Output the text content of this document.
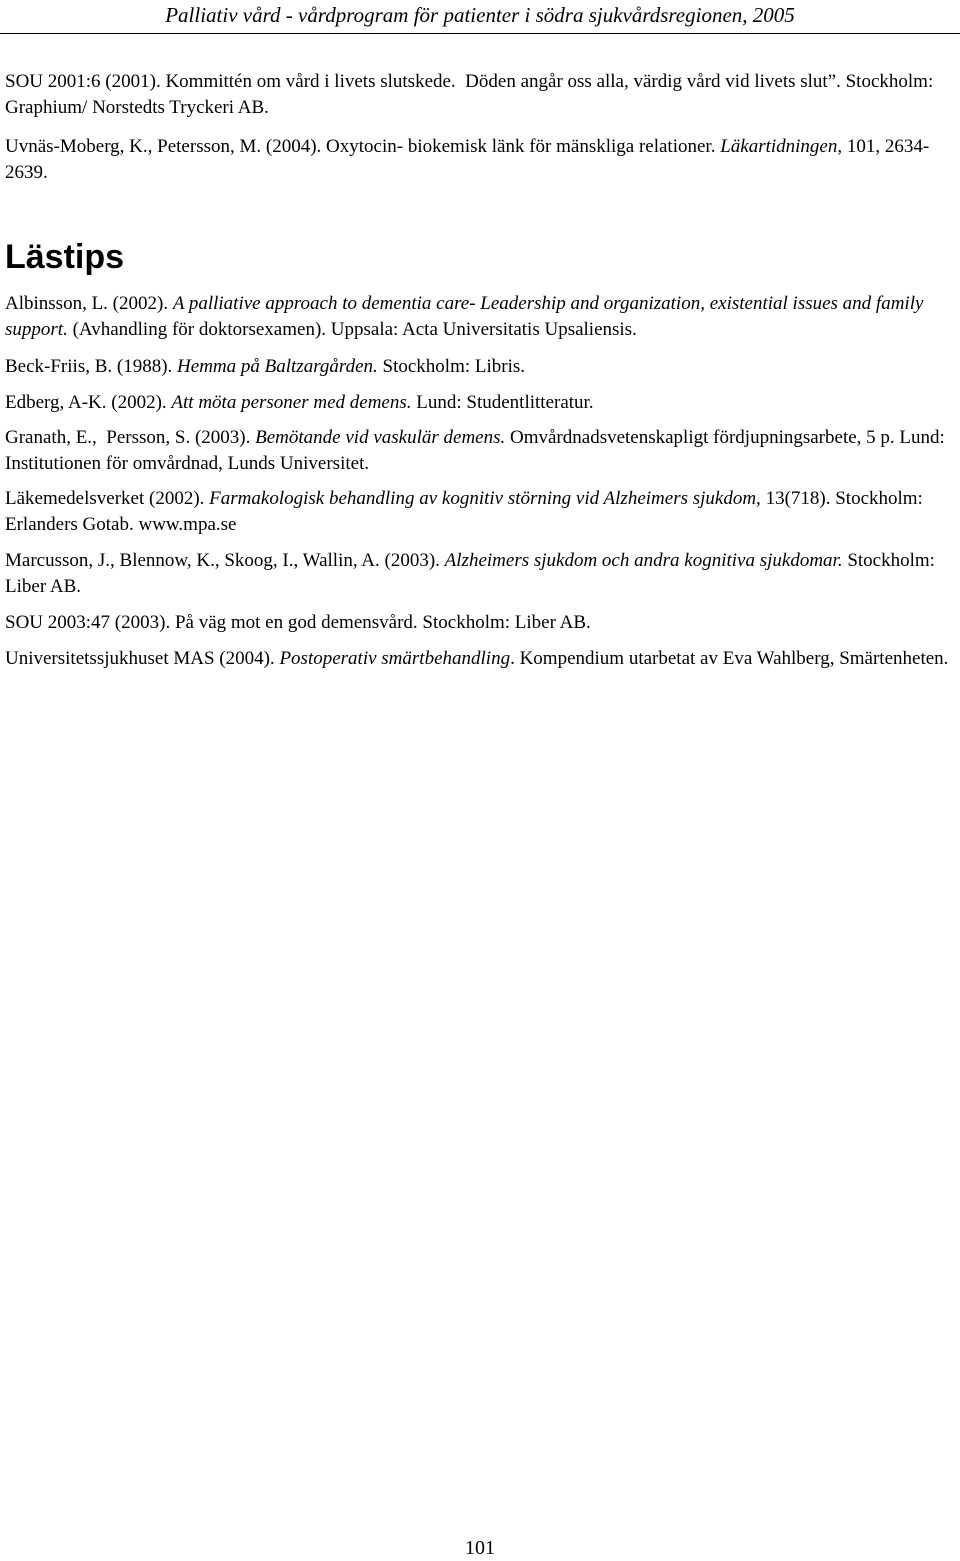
Palliativ vård - vårdprogram för patienter i södra sjukvårdsregionen, 2005
SOU 2001:6 (2001). Kommittén om vård i livets slutskede.  Döden angår oss alla, värdig vård vid livets slut”. Stockholm: Graphium/ Norstedts Tryckeri AB.
Uvnäs-Moberg, K., Petersson, M. (2004). Oxytocin- biokemisk länk för mänskliga relationer. Läkartidningen, 101, 2634-2639.
Lästips
Albinsson, L. (2002). A palliative approach to dementia care- Leadership and organization, existential issues and family support. (Avhandling för doktorsexamen). Uppsala: Acta Universitatis Upsaliensis.
Beck-Friis, B. (1988). Hemma på Baltzargården. Stockholm: Libris.
Edberg, A-K. (2002). Att möta personer med demens. Lund: Studentlitteratur.
Granath, E.,  Persson, S. (2003). Bemötande vid vaskulär demens. Omvårdnadsvetenskapligt fördjupningsarbete, 5 p. Lund: Institutionen för omvårdnad, Lunds Universitet.
Läkemedelsverket (2002). Farmakologisk behandling av kognitiv störning vid Alzheimers sjukdom, 13(718). Stockholm: Erlanders Gotab. www.mpa.se
Marcusson, J., Blennow, K., Skoog, I., Wallin, A. (2003). Alzheimers sjukdom och andra kognitiva sjukdomar. Stockholm: Liber AB.
SOU 2003:47 (2003). På väg mot en god demensvård. Stockholm: Liber AB.
Universitetssjukhuset MAS (2004). Postoperativ smärtbehandling. Kompendium utarbetat av Eva Wahlberg, Smärtenheten.
101
